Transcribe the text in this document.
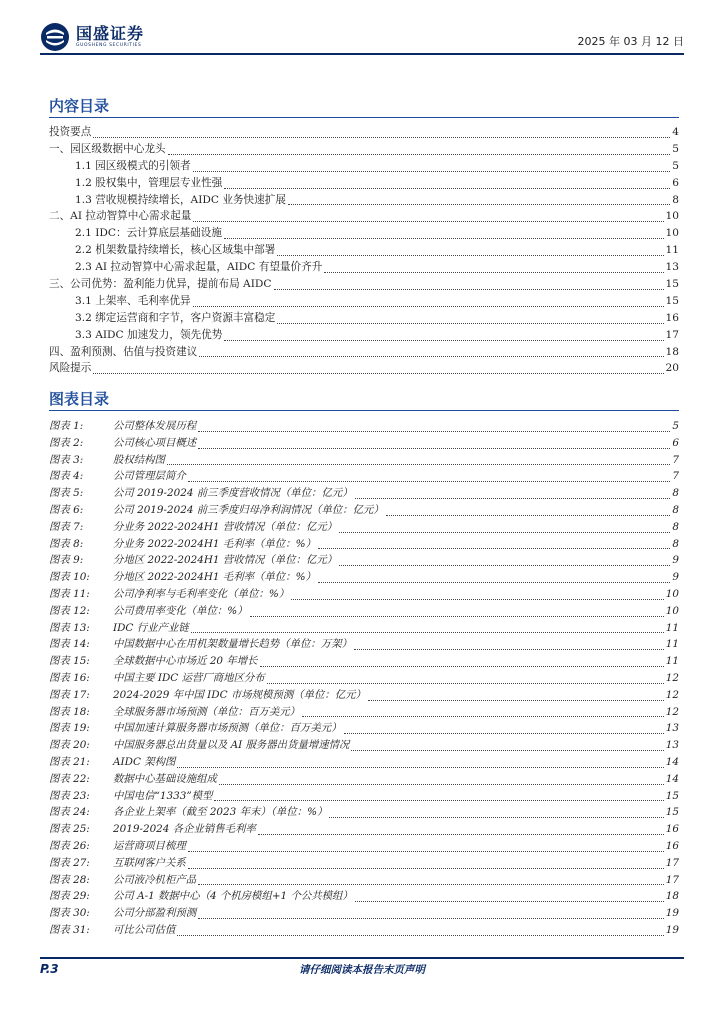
国盛证券
GUOSHENG SECURITIES	2025 年 03 月 12 日
内容目录
投资要点	4
一、园区级数据中心龙头	5
1.1 园区级模式的引领者	5
1.2 股权集中，管理层专业性强	6
1.3 营收规模持续增长，AIDC 业务快速扩展	8
二、AI 拉动智算中心需求起量	10
2.1 IDC：云计算底层基础设施	10
2.2 机架数量持续增长，核心区域集中部署	11
2.3 AI 拉动智算中心需求起量，AIDC 有望量价齐升	13
三、公司优势：盈利能力优异，提前布局 AIDC	15
3.1 上架率、毛利率优异	15
3.2 绑定运营商和字节，客户资源丰富稳定	16
3.3 AIDC 加速发力，领先优势	17
四、盈利预测、估值与投资建议	18
风险提示	20
图表目录
图表 1:	公司整体发展历程	5
图表 2:	公司核心项目概述	6
图表 3:	股权结构图	7
图表 4:	公司管理层简介	7
图表 5:	公司 2019-2024 前三季度营收情况（单位：亿元）	8
图表 6:	公司 2019-2024 前三季度归母净利润情况（单位：亿元）	8
图表 7:	分业务 2022-2024H1 营收情况（单位：亿元）	8
图表 8:	分业务 2022-2024H1 毛利率（单位：%）	8
图表 9:	分地区 2022-2024H1 营收情况（单位：亿元）	9
图表 10:	分地区 2022-2024H1 毛利率（单位：%）	9
图表 11:	公司净利率与毛利率变化（单位：%）	10
图表 12:	公司费用率变化（单位：%）	10
图表 13:	IDC 行业产业链	11
图表 14:	中国数据中心在用机架数量增长趋势（单位：万架）	11
图表 15:	全球数据中心市场近 20 年增长	11
图表 16:	中国主要 IDC 运营厂商地区分布	12
图表 17:	2024-2029 年中国 IDC 市场规模预测（单位：亿元）	12
图表 18:	全球服务器市场预测（单位：百万美元）	12
图表 19:	中国加速计算服务器市场预测（单位：百万美元）	13
图表 20:	中国服务器总出货量以及 AI 服务器出货量增速情况	13
图表 21:	AIDC 架构图	14
图表 22:	数据中心基础设施组成	14
图表 23:	中国电信“1333”模型	15
图表 24:	各企业上架率（截至 2023 年末）（单位：%）	15
图表 25:	2019-2024 各企业销售毛利率	16
图表 26:	运营商项目梳理	16
图表 27:	互联网客户关系	17
图表 28:	公司液冷机柜产品	17
图表 29:	公司 A-1 数据中心（4 个机房模组+1 个公共模组）	18
图表 30:	公司分部盈利预测	19
图表 31:	可比公司估值	19
P.3	请仔细阅读本报告末页声明
